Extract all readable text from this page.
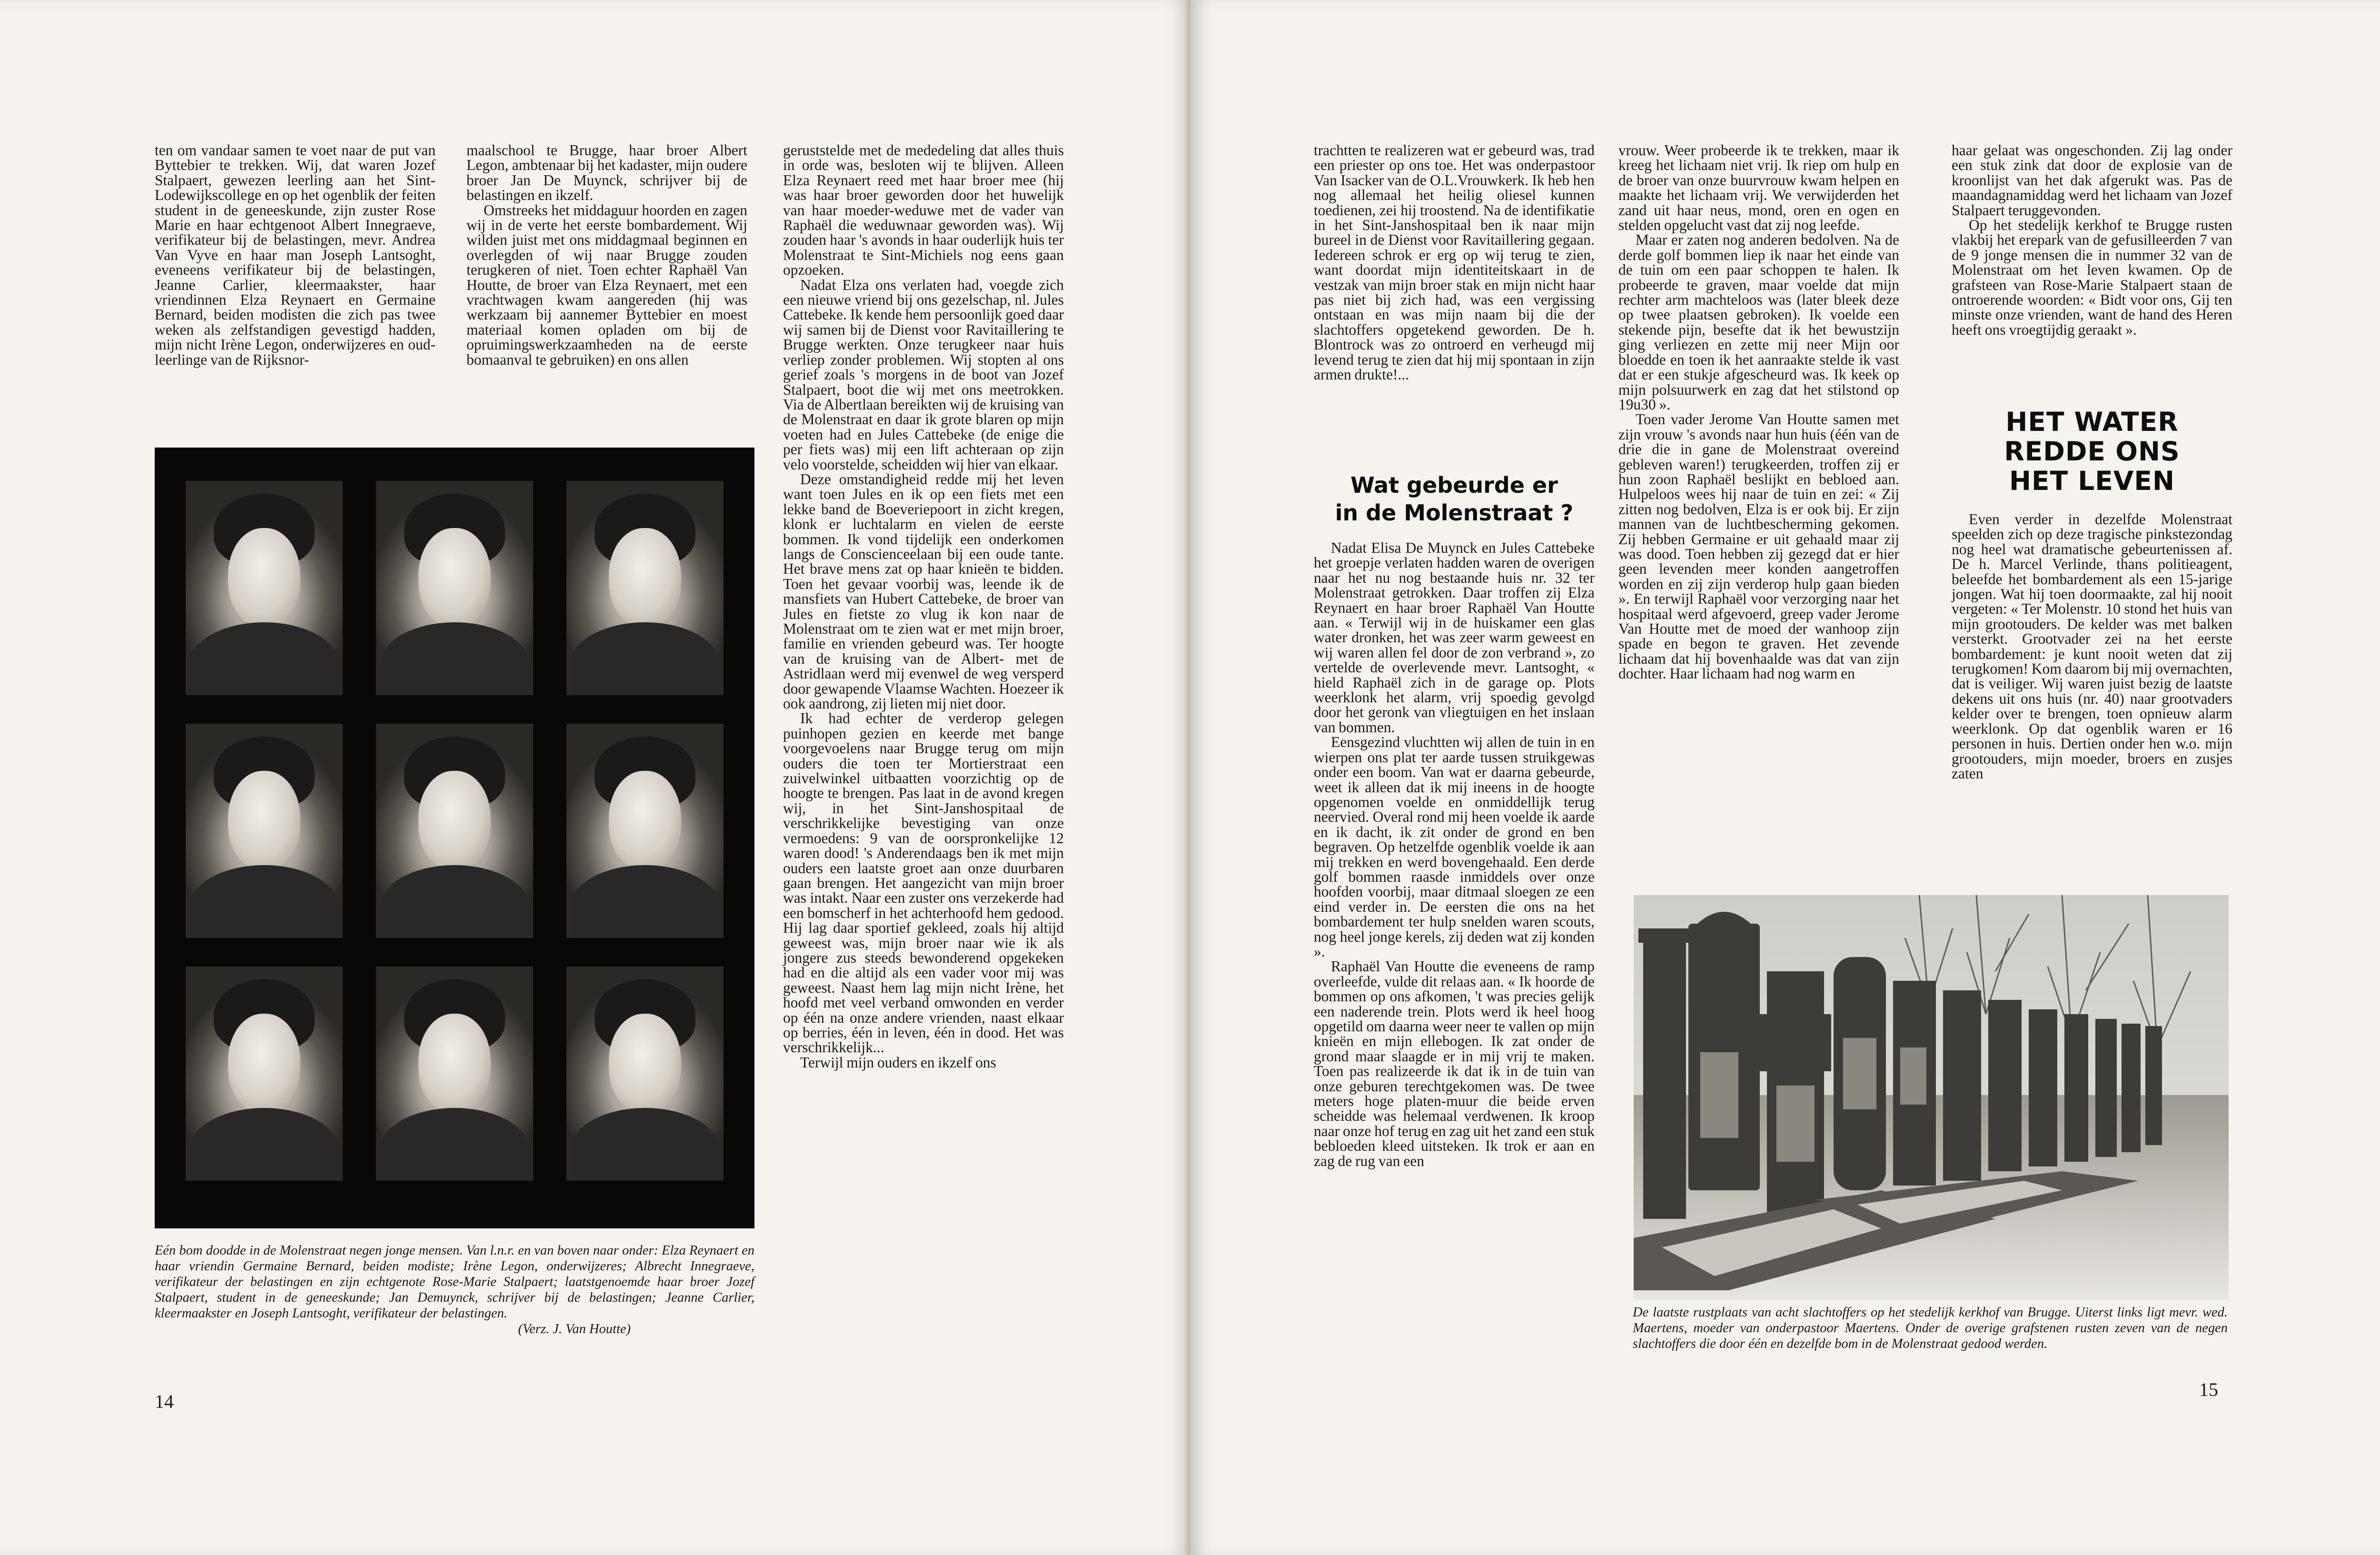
ten om vandaar samen te voet naar de put van Byttebier te trekken. Wij, dat waren Jozef Stalpaert, gewezen leerling aan het Sint-Lodewijkscollege en op het ogenblik der feiten student in de geneeskunde, zijn zuster Rose Marie en haar echtgenoot Albert Innegraeve, verifikateur bij de belastingen, mevr. Andrea Van Vyve en haar man Joseph Lantsoght, eveneens verifikateur bij de belastingen, Jeanne Carlier, kleermaakster, haar vriendinnen Elza Reynaert en Germaine Bernard, beiden modisten die zich pas twee weken als zelfstandigen gevestigd hadden, mijn nicht Irène Legon, onderwijzeres en oud-leerlinge van de Rijksnor-

maalschool te Brugge, haar broer Albert Legon, ambtenaar bij het kadaster, mijn oudere broer Jan De Muynck, schrijver bij de belastingen en ikzelf.

Omstreeks het middaguur hoorden en zagen wij in de verte het eerste bombardement. Wij wilden juist met ons middagmaal beginnen en overlegden of wij naar Brugge zouden terugkeren of niet. Toen echter Raphaël Van Houtte, de broer van Elza Reynaert, met een vrachtwagen kwam aangereden (hij was werkzaam bij aannemer Byttebier en moest materiaal komen opladen om bij de opruimingswerkzaamheden na de eerste bomaanval te gebruiken) en ons allen

geruststelde met de mededeling dat alles thuis in orde was, besloten wij te blijven. Alleen Elza Reynaert reed met haar broer mee (hij was haar broer geworden door het huwelijk van haar moeder-weduwe met de vader van Raphaël die weduwnaar geworden was). Wij zouden haar 's avonds in haar ouderlijk huis ter Molenstraat te Sint-Michiels nog eens gaan opzoeken.

Nadat Elza ons verlaten had, voegde zich een nieuwe vriend bij ons gezelschap, nl. Jules Cattebeke. Ik kende hem persoonlijk goed daar wij samen bij de Dienst voor Ravitaillering te Brugge werkten. Onze terugkeer naar huis verliep zonder problemen. Wij stopten al ons gerief zoals 's morgens in de boot van Jozef Stalpaert, boot die wij met ons meetrokken. Via de Albertlaan bereikten wij de kruising van de Molenstraat en daar ik grote blaren op mijn voeten had en Jules Cattebeke (de enige die per fiets was) mij een lift achteraan op zijn velo voorstelde, scheidden wij hier van elkaar.

Deze omstandigheid redde mij het leven want toen Jules en ik op een fiets met een lekke band de Boeveriepoort in zicht kregen, klonk er luchtalarm en vielen de eerste bommen. Ik vond tijdelijk een onderkomen langs de Conscienceelaan bij een oude tante. Het brave mens zat op haar knieën te bidden. Toen het gevaar voorbij was, leende ik de mansfiets van Hubert Cattebeke, de broer van Jules en fietste zo vlug ik kon naar de Molenstraat om te zien wat er met mijn broer, familie en vrienden gebeurd was. Ter hoogte van de kruising van de Albert- met de Astridlaan werd mij evenwel de weg versperd door gewapende Vlaamse Wachten. Hoezeer ik ook aandrong, zij lieten mij niet door.

Ik had echter de verderop gelegen puinhopen gezien en keerde met bange voorgevoelens naar Brugge terug om mijn ouders die toen ter Mortierstraat een zuivelwinkel uitbaatten voorzichtig op de hoogte te brengen. Pas laat in de avond kregen wij, in het Sint-Janshospitaal de verschrikkelijke bevestiging van onze vermoedens: 9 van de oorspronkelijke 12 waren dood! 's Anderendaags ben ik met mijn ouders een laatste groet aan onze duurbaren gaan brengen. Het aangezicht van mijn broer was intakt. Naar een zuster ons verzekerde had een bomscherf in het achterhoofd hem gedood. Hij lag daar sportief gekleed, zoals hij altijd geweest was, mijn broer naar wie ik als jongere zus steeds bewonderend opgekeken had en die altijd als een vader voor mij was geweest. Naast hem lag mijn nicht Irène, het hoofd met veel verband omwonden en verder op één na onze andere vrienden, naast elkaar op berries, één in leven, één in dood. Het was verschrikkelijk...

Terwijl mijn ouders en ikzelf ons

Eén bom doodde in de Molenstraat negen jonge mensen. Van l.n.r. en van boven naar onder: Elza Reynaert en haar vriendin Germaine Bernard, beiden modiste; Irène Legon, onderwijzeres; Albrecht Innegraeve, verifikateur der belastingen en zijn echtgenote Rose-Marie Stalpaert; laatstgenoemde haar broer Jozef Stalpaert, student in de geneeskunde; Jan Demuynck, schrijver bij de belastingen; Jeanne Carlier, kleermaakster en Joseph Lantsoght, verifikateur der belastingen.
(Verz. J. Van Houtte)
14

trachtten te realizeren wat er gebeurd was, trad een priester op ons toe. Het was onderpastoor Van Isacker van de O.L.Vrouwkerk. Ik heb hen nog allemaal het heilig oliesel kunnen toedienen, zei hij troostend. Na de identifikatie in het Sint-Janshospitaal ben ik naar mijn bureel in de Dienst voor Ravitaillering gegaan. Iedereen schrok er erg op wij terug te zien, want doordat mijn identiteitskaart in de vestzak van mijn broer stak en mijn nicht haar pas niet bij zich had, was een vergissing ontstaan en was mijn naam bij die der slachtoffers opgetekend geworden. De h. Blontrock was zo ontroerd en verheugd mij levend terug te zien dat hij mij spontaan in zijn armen drukte!...

Wat gebeurde er
in de Molenstraat ?

Nadat Elisa De Muynck en Jules Cattebeke het groepje verlaten hadden waren de overigen naar het nu nog bestaande huis nr. 32 ter Molenstraat getrokken. Daar troffen zij Elza Reynaert en haar broer Raphaël Van Houtte aan. « Terwijl wij in de huiskamer een glas water dronken, het was zeer warm geweest en wij waren allen fel door de zon verbrand », zo vertelde de overlevende mevr. Lantsoght, « hield Raphaël zich in de garage op. Plots weerklonk het alarm, vrij spoedig gevolgd door het geronk van vliegtuigen en het inslaan van bommen.

Eensgezind vluchtten wij allen de tuin in en wierpen ons plat ter aarde tussen struikgewas onder een boom. Van wat er daarna gebeurde, weet ik alleen dat ik mij ineens in de hoogte opgenomen voelde en onmiddellijk terug neervied. Overal rond mij heen voelde ik aarde en ik dacht, ik zit onder de grond en ben begraven. Op hetzelfde ogenblik voelde ik aan mij trekken en werd bovengehaald. Een derde golf bommen raasde inmiddels over onze hoofden voorbij, maar ditmaal sloegen ze een eind verder in. De eersten die ons na het bombardement ter hulp snelden waren scouts, nog heel jonge kerels, zij deden wat zij konden ».

Raphaël Van Houtte die eveneens de ramp overleefde, vulde dit relaas aan. « Ik hoorde de bommen op ons afkomen, 't was precies gelijk een naderende trein. Plots werd ik heel hoog opgetild om daarna weer neer te vallen op mijn knieën en mijn ellebogen. Ik zat onder de grond maar slaagde er in mij vrij te maken. Toen pas realizeerde ik dat ik in de tuin van onze geburen terechtgekomen was. De twee meters hoge platen-muur die beide erven scheidde was helemaal verdwenen. Ik kroop naar onze hof terug en zag uit het zand een stuk bebloeden kleed uitsteken. Ik trok er aan en zag de rug van een

vrouw. Weer probeerde ik te trekken, maar ik kreeg het lichaam niet vrij. Ik riep om hulp en de broer van onze buurvrouw kwam helpen en maakte het lichaam vrij. We verwijderden het zand uit haar neus, mond, oren en ogen en stelden opgelucht vast dat zij nog leefde.

Maar er zaten nog anderen bedolven. Na de derde golf bommen liep ik naar het einde van de tuin om een paar schoppen te halen. Ik probeerde te graven, maar voelde dat mijn rechter arm machteloos was (later bleek deze op twee plaatsen gebroken). Ik voelde een stekende pijn, besefte dat ik het bewustzijn ging verliezen en zette mij neer Mijn oor bloedde en toen ik het aanraakte stelde ik vast dat er een stukje afgescheurd was. Ik keek op mijn polsuurwerk en zag dat het stilstond op 19u30 ».

Toen vader Jerome Van Houtte samen met zijn vrouw 's avonds naar hun huis (één van de drie die in gane de Molenstraat overeind gebleven waren!) terugkeerden, troffen zij er hun zoon Raphaël beslijkt en bebloed aan. Hulpeloos wees hij naar de tuin en zei: « Zij zitten nog bedolven, Elza is er ook bij. Er zijn mannen van de luchtbescherming gekomen. Zij hebben Germaine er uit gehaald maar zij was dood. Toen hebben zij gezegd dat er hier geen levenden meer konden aangetroffen worden en zij zijn verderop hulp gaan bieden ». En terwijl Raphaël voor verzorging naar het hospitaal werd afgevoerd, greep vader Jerome Van Houtte met de moed der wanhoop zijn spade en begon te graven. Het zevende lichaam dat hij bovenhaalde was dat van zijn dochter. Haar lichaam had nog warm en

haar gelaat was ongeschonden. Zij lag onder een stuk zink dat door de explosie van de kroonlijst van het dak afgerukt was. Pas de maandagnamiddag werd het lichaam van Jozef Stalpaert teruggevonden.

Op het stedelijk kerkhof te Brugge rusten vlakbij het erepark van de gefusilleerden 7 van de 9 jonge mensen die in nummer 32 van de Molenstraat om het leven kwamen. Op de grafsteen van Rose-Marie Stalpaert staan de ontroerende woorden: « Bidt voor ons, Gij ten minste onze vrienden, want de hand des Heren heeft ons vroegtijdig geraakt ».

HET WATER
REDDE ONS
HET LEVEN

Even verder in dezelfde Molenstraat speelden zich op deze tragische pinkstezondag nog heel wat dramatische gebeurtenissen af. De h. Marcel Verlinde, thans politieagent, beleefde het bombardement als een 15-jarige jongen. Wat hij toen doormaakte, zal hij nooit vergeten: « Ter Molenstr. 10 stond het huis van mijn grootouders. De kelder was met balken versterkt. Grootvader zei na het eerste bombardement: je kunt nooit weten dat zij terugkomen! Kom daarom bij mij overnachten, dat is veiliger. Wij waren juist bezig de laatste dekens uit ons huis (nr. 40) naar grootvaders kelder over te brengen, toen opnieuw alarm weerklonk. Op dat ogenblik waren er 16 personen in huis. Dertien onder hen w.o. mijn grootouders, mijn moeder, broers en zusjes zaten

De laatste rustplaats van acht slachtoffers op het stedelijk kerkhof van Brugge. Uiterst links ligt mevr. wed. Maertens, moeder van onderpastoor Maertens. Onder de overige grafstenen rusten zeven van de negen slachtoffers die door één en dezelfde bom in de Molenstraat gedood werden.
15
